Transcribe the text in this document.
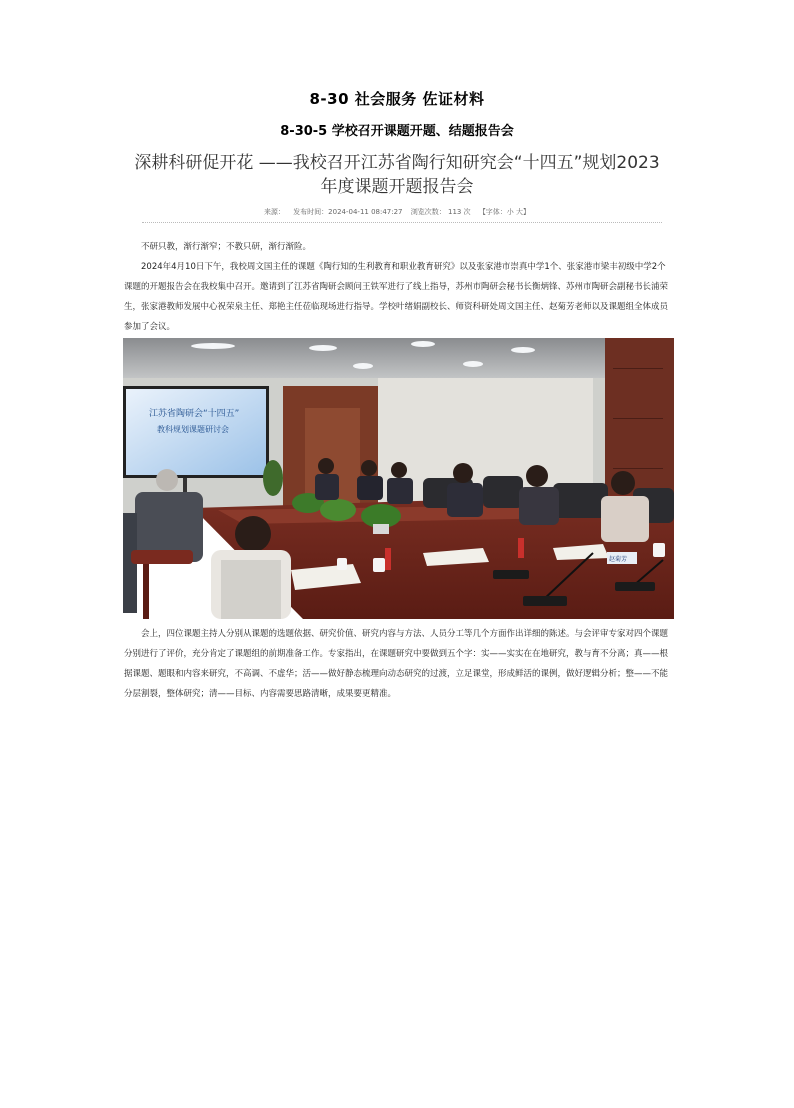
8-30 社会服务 佐证材料
8-30-5 学校召开课题开题、结题报告会
深耕科研促开花 ——我校召开江苏省陶行知研究会“十四五”规划2023年度课题开题报告会
来源： 发布时间：2024-04-11 08:47:27 浏览次数： 113 次 【字体：小 大】
不研只教，渐行渐窄；不教只研，渐行渐险。
2024年4月10日下午，我校周文国主任的课题《陶行知的生利教育和职业教育研究》以及张家港市崇真中学1个、张家港市梁丰初级中学2个课题的开题报告会在我校集中召开。邀请到了江苏省陶研会顾问王铁军进行了线上指导，苏州市陶研会秘书长衡炳锋、苏州市陶研会副秘书长浦荣生，张家港教师发展中心祝荣泉主任、郑艳主任莅临现场进行指导。学校叶绪娟副校长、师资科研处周文国主任、赵菊芳老师以及课题组全体成员参加了会议。
江苏省陶研会“十四五”
教科规划课题研讨会
赵菊芳
会上，四位课题主持人分别从课题的选题依据、研究价值、研究内容与方法、人员分工等几个方面作出详细的陈述。与会评审专家对四个课题分别进行了评价，充分肯定了课题组的前期准备工作。专家指出，在课题研究中要做到五个字：实——实实在在地研究，教与育不分离；真——根据课题、题眼和内容来研究，不高调、不虚华；活——做好静态梳理向动态研究的过渡，立足课堂，形成鲜活的课例，做好逻辑分析；整——不能分层割裂，整体研究；清——目标、内容需要思路清晰，成果要更精准。
